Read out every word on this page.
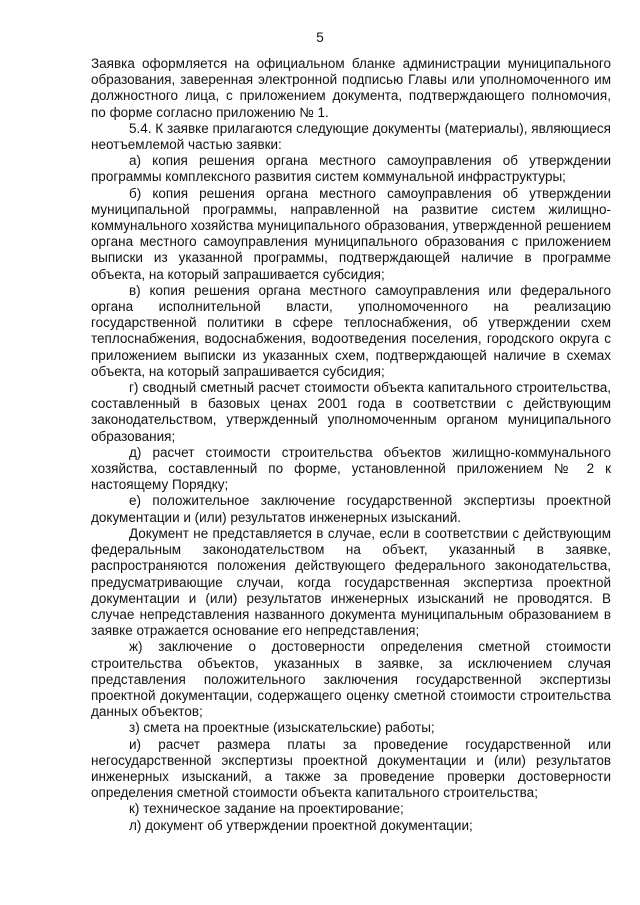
5

Заявка оформляется на официальном бланке администрации муниципального образования, заверенная электронной подписью Главы или уполномоченного им должностного лица, с приложением документа, подтверждающего полномочия, по форме согласно приложению № 1.

5.4. К заявке прилагаются следующие документы (материалы), являющиеся неотъемлемой частью заявки:

а) копия решения органа местного самоуправления об утверждении программы комплексного развития систем коммунальной инфраструктуры;

б) копия решения органа местного самоуправления об утверждении муниципальной программы, направленной на развитие систем жилищно-коммунального хозяйства муниципального образования, утвержденной решением органа местного самоуправления муниципального образования с приложением выписки из указанной программы, подтверждающей наличие в программе объекта, на который запрашивается субсидия;

в) копия решения органа местного самоуправления или федерального органа исполнительной власти, уполномоченного на реализацию государственной политики в сфере теплоснабжения, об утверждении схем теплоснабжения, водоснабжения, водоотведения поселения, городского округа с приложением выписки из указанных схем, подтверждающей наличие в схемах объекта, на который запрашивается субсидия;

г) сводный сметный расчет стоимости объекта капитального строительства, составленный в базовых ценах 2001 года в соответствии с действующим законодательством, утвержденный уполномоченным органом муниципального образования;

д) расчет стоимости строительства объектов жилищно-коммунального хозяйства, составленный по форме, установленной приложением № 2 к настоящему Порядку;

е) положительное заключение государственной экспертизы проектной документации и (или) результатов инженерных изысканий.

Документ не представляется в случае, если в соответствии с действующим федеральным законодательством на объект, указанный в заявке, распространяются положения действующего федерального законодательства, предусматривающие случаи, когда государственная экспертиза проектной документации и (или) результатов инженерных изысканий не проводятся. В случае непредставления названного документа муниципальным образованием в заявке отражается основание его непредставления;

ж) заключение о достоверности определения сметной стоимости строительства объектов, указанных в заявке, за исключением случая представления положительного заключения государственной экспертизы проектной документации, содержащего оценку сметной стоимости строительства данных объектов;

з) смета на проектные (изыскательские) работы;

и) расчет размера платы за проведение государственной или негосударственной экспертизы проектной документации и (или) результатов инженерных изысканий, а также за проведение проверки достоверности определения сметной стоимости объекта капитального строительства;

к) техническое задание на проектирование;

л) документ об утверждении проектной документации;
